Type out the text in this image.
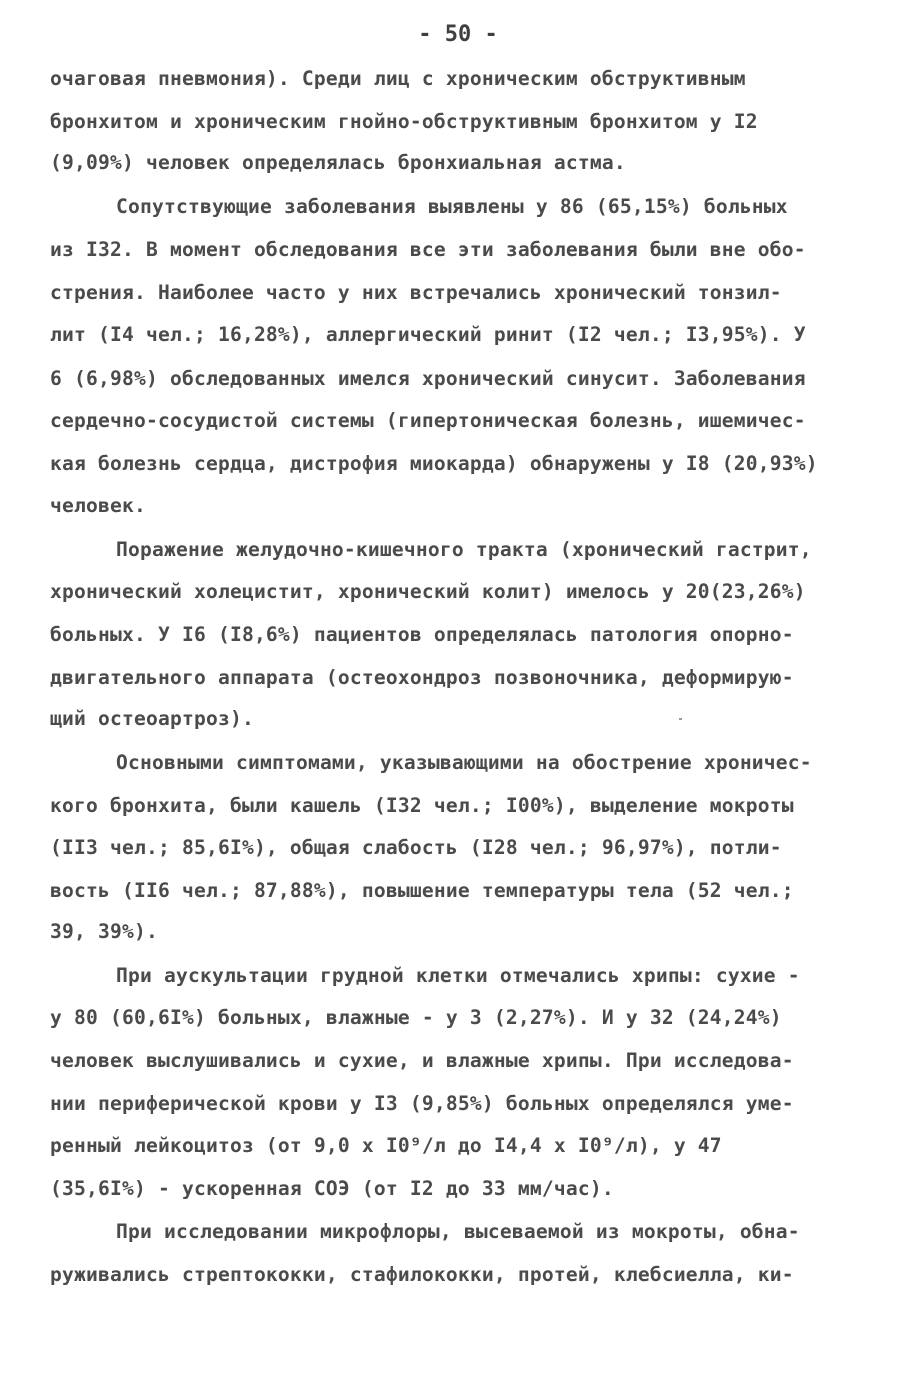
- 50 -
очаговая пневмония). Среди лиц с хроническим обструктивным
бронхитом и хроническим гнойно-обструктивным бронхитом у I2
(9,09%) человек определялась бронхиальная астма.
Сопутствующие заболевания выявлены у 86 (65,15%) больных
из I32. В момент обследования все эти заболевания были вне обо-
стрения. Наиболее часто у них встречались хронический тонзил-
лит (I4 чел.; 16,28%), аллергический ринит (I2 чел.; I3,95%). У
6 (6,98%) обследованных имелся хронический синусит. Заболевания
сердечно-сосудистой системы (гипертоническая болезнь, ишемичес-
кая болезнь сердца, дистрофия миокарда) обнаружены у I8 (20,93%)
человек.
Поражение желудочно-кишечного тракта (хронический гастрит,
хронический холецистит, хронический колит) имелось у 20(23,26%)
больных. У I6 (I8,6%) пациентов определялась патология опорно-
двигательного аппарата (остеохондроз позвоночника, деформирую-
щий остеоартроз).
Основными симптомами, указывающими на обострение хроничес-
кого бронхита, были кашель (I32 чел.; I00%), выделение мокроты
(II3 чел.; 85,6I%), общая слабость (I28 чел.; 96,97%), потли-
вость (II6 чел.; 87,88%), повышение температуры тела (52 чел.;
39, 39%).
При аускультации грудной клетки отмечались хрипы: сухие -
у 80 (60,6I%) больных, влажные - у 3 (2,27%). И у 32 (24,24%)
человек выслушивались и сухие, и влажные хрипы. При исследова-
нии периферической крови у I3 (9,85%) больных определялся уме-
ренный лейкоцитоз (от 9,0 х I0⁹/л до I4,4 х I0⁹/л), у 47
(35,6I%) - ускоренная СОЭ (от I2 до 33 мм/час).
При исследовании микрофлоры, высеваемой из мокроты, обна-
руживались стрептококки, стафилококки, протей, клебсиелла, ки-
